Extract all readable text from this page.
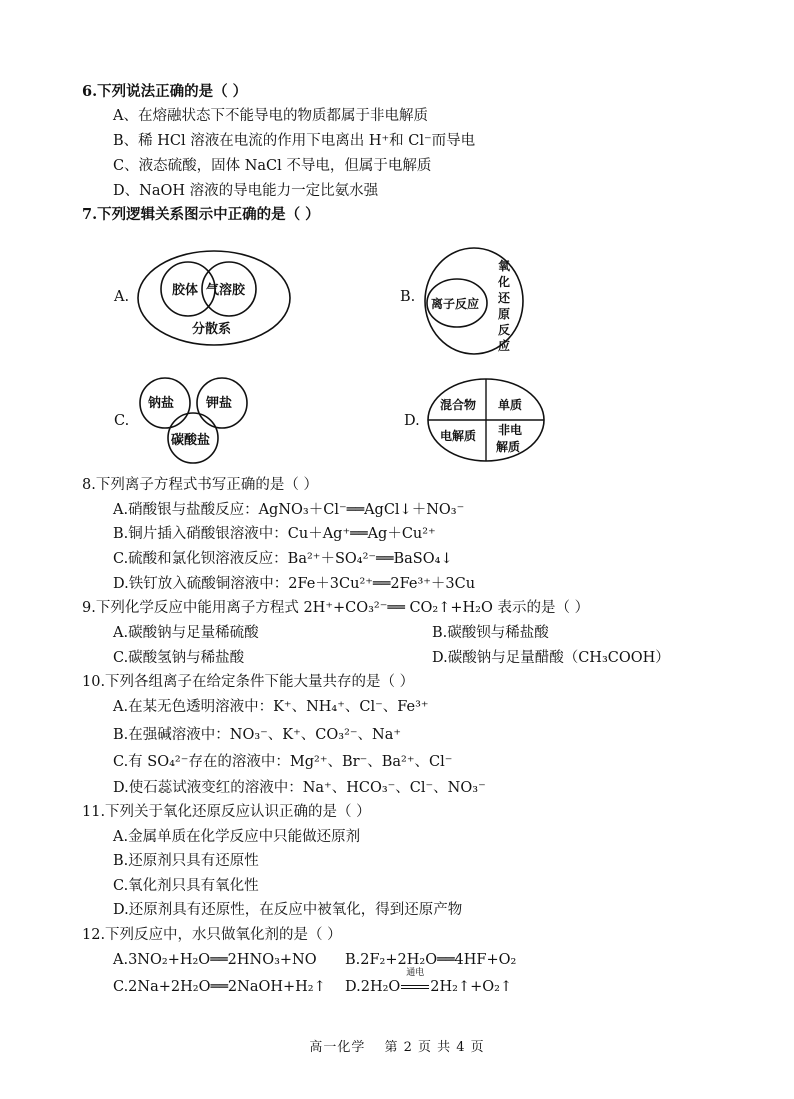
6.下列说法正确的是（ ）
A、在熔融状态下不能导电的物质都属于非电解质
B、稀 HCl 溶液在电流的作用下电离出 H⁺和 Cl⁻而导电
C、液态硫酸，固体 NaCl 不导电，但属于电解质
D、NaOH 溶液的导电能力一定比氨水强
7.下列逻辑关系图示中正确的是（ ）
A.	胶体 气溶胶
分散系
B. 离子反应
氧
化
还
原
反
应
C.
钠盐 钾盐
碳酸盐
D.
混合物 单质
电解质 非电
解质
8.下列离子方程式书写正确的是（ ）
A.硝酸银与盐酸反应：AgNO₃＋Cl⁻══AgCl↓＋NO₃⁻
B.铜片插入硝酸银溶液中：Cu＋Ag⁺══Ag＋Cu²⁺
C.硫酸和氯化钡溶液反应：Ba²⁺＋SO₄²⁻══BaSO₄↓
D.铁钉放入硫酸铜溶液中：2Fe＋3Cu²⁺══2Fe³⁺＋3Cu
9.下列化学反应中能用离子方程式 2H⁺+CO₃²⁻══ CO₂↑+H₂O 表示的是（ ）
A.碳酸钠与足量稀硫酸	B.碳酸钡与稀盐酸
C.碳酸氢钠与稀盐酸	D.碳酸钠与足量醋酸（CH₃COOH）
10.下列各组离子在给定条件下能大量共存的是（ ）
A.在某无色透明溶液中：K⁺、NH₄⁺、Cl⁻、Fe³⁺
B.在强碱溶液中：NO₃⁻、K⁺、CO₃²⁻、Na⁺
C.有 SO₄²⁻存在的溶液中：Mg²⁺、Br⁻、Ba²⁺、Cl⁻
D.使石蕊试液变红的溶液中：Na⁺、HCO₃⁻、Cl⁻、NO₃⁻
11.下列关于氧化还原反应认识正确的是（ ）
A.金属单质在化学反应中只能做还原剂
B.还原剂只具有还原性
C.氧化剂只具有氧化性
D.还原剂具有还原性，在反应中被氧化，得到还原产物
12.下列反应中，水只做氧化剂的是（ ）
A.3NO₂+H₂O══2HNO₃+NO B.2F₂+2H₂O══4HF+O₂
C.2Na+2H₂O══2NaOH+H₂↑ D.2H₂O
通电
2H₂↑+O₂↑
高一化学　 第 2 页 共 4 页
